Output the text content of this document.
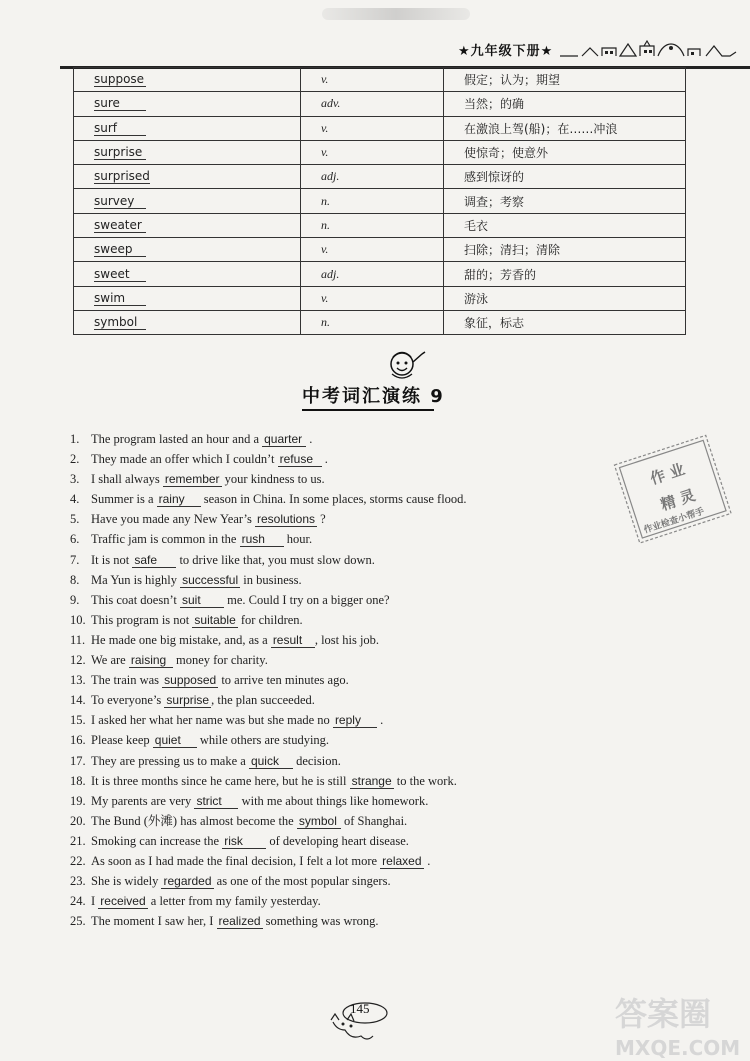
★九年级下册★
suppose	v.	假定；认为；期望
sure	adv.	当然；的确
surf	v.	在激浪上驾(船)；在……冲浪
surprise	v.	使惊奇；使意外
surprised	adj.	感到惊讶的
survey	n.	调查；考察
sweater	n.	毛衣
sweep	v.	扫除；清扫；清除
sweet	adj.	甜的；芳香的
swim	v.	游泳
symbol	n.	象征，标志
中考词汇演练 9
1. The program lasted an hour and a quarter .
2. They made an offer which I couldn’t refuse .
3. I shall always remember your kindness to us.
4. Summer is a rainy season in China. In some places, storms cause flood.
5. Have you made any New Year’s resolutions ?
6. Traffic jam is common in the rush hour.
7. It is not safe to drive like that, you must slow down.
8. Ma Yun is highly successful in business.
9. This coat doesn’t suit me. Could I try on a bigger one?
10. This program is not suitable for children.
11. He made one big mistake, and, as a result , lost his job.
12. We are raising money for charity.
13. The train was supposed to arrive ten minutes ago.
14. To everyone’s surprise , the plan succeeded.
15. I asked her what her name was but she made no reply .
16. Please keep quiet while others are studying.
17. They are pressing us to make a quick decision.
18. It is three months since he came here, but he is still strange to the work.
19. My parents are very strict with me about things like homework.
20. The Bund (外滩) has almost become the symbol of Shanghai.
21. Smoking can increase the risk of developing heart disease.
22. As soon as I had made the final decision, I felt a lot more relaxed .
23. She is widely regarded as one of the most popular singers.
24. I received a letter from my family yesterday.
25. The moment I saw her, I realized something was wrong.
作 业
精 灵
作业检查小帮手
145	答案圈
MXQE.COM
